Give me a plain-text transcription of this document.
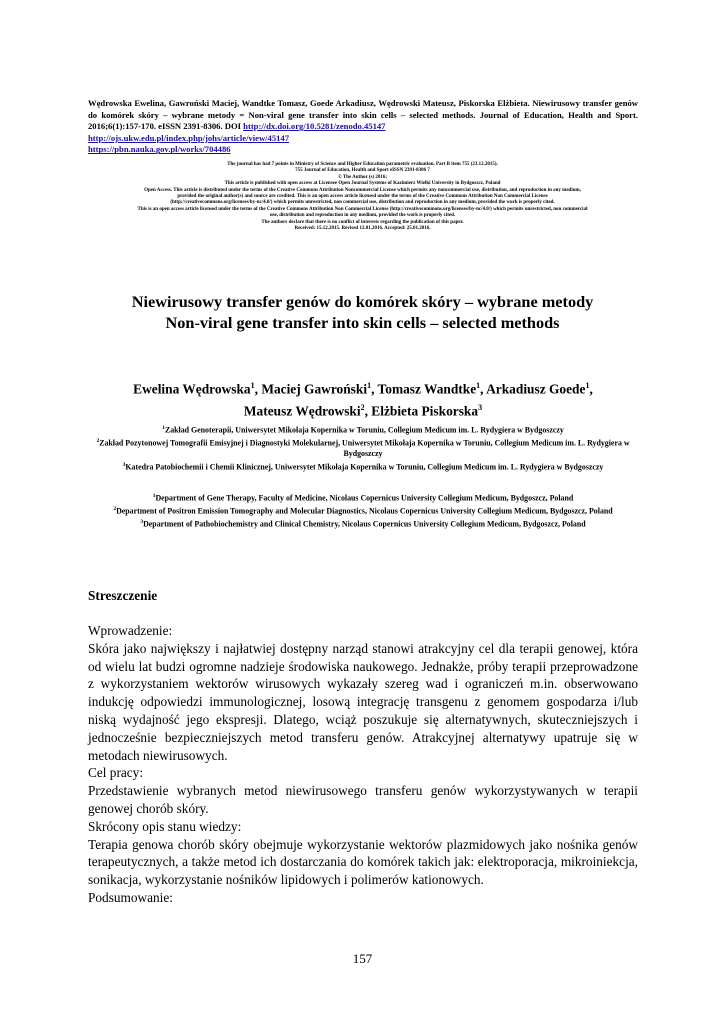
Wędrowska Ewelina, Gawroński Maciej, Wandtke Tomasz, Goede Arkadiusz, Wędrowski Mateusz, Piskorska Elżbieta. Niewirusowy transfer genów do komórek skóry – wybrane metody = Non-viral gene transfer into skin cells – selected methods. Journal of Education, Health and Sport. 2016;6(1):157-170. eISSN 2391-8306. DOI http://dx.doi.org/10.5281/zenodo.45147
http://ojs.ukw.edu.pl/index.php/johs/article/view/45147
https://pbn.nauka.gov.pl/works/704486
The journal has had 7 points in Ministry of Science and Higher Education parametric evaluation. Part B item 755 (23.12.2015).
755 Journal of Education, Health and Sport eISSN 2391-8306 7
© The Author (s) 2016;
This article is published with open access at Licensee Open Journal Systems of Kazimierz Wielki University in Bydgoszcz, Poland
Open Access. This article is distributed under the terms of the Creative Commons Attribution Noncommercial License which permits any noncommercial use, distribution, and reproduction in any medium,
provided the original author(s) and source are credited. This is an open access article licensed under the terms of the Creative Commons Attribution Non Commercial License
(http://creativecommons.org/licenses/by-nc/4.0/) which permits unrestricted, non commercial use, distribution and reproduction in any medium, provided the work is properly cited.
This is an open access article licensed under the terms of the Creative Commons Attribution Non Commercial License (http://creativecommons.org/licenses/by-nc/4.0/) which permits unrestricted, non commercial
use, distribution and reproduction in any medium, provided the work is properly cited.
The authors declare that there is no conflict of interests regarding the publication of this paper.
Received: 15.12.2015. Revised 12.01.2016. Accepted: 25.01.2016.
Niewirusowy transfer genów do komórek skóry – wybrane metody
Non-viral gene transfer into skin cells – selected methods
Ewelina Wędrowska$^1$, Maciej Gawroński$^1$, Tomasz Wandtke$^1$, Arkadiusz Goede$^1$,
Mateusz Wędrowski$^2$, Elżbieta Piskorska$^3$
$^1$Zakład Genoterapii, Uniwersytet Mikołaja Kopernika w Toruniu, Collegium Medicum im. L. Rydygiera w Bydgoszczy
$^2$Zakład Pozytonowej Tomografii Emisyjnej i Diagnostyki Molekularnej, Uniwersytet Mikołaja Kopernika w Toruniu, Collegium Medicum im. L. Rydygiera w Bydgoszczy
$^3$Katedra Patobiochemii i Chemii Klinicznej, Uniwersytet Mikołaja Kopernika w Toruniu, Collegium Medicum im. L. Rydygiera w Bydgoszczy
$^1$Department of Gene Therapy, Faculty of Medicine, Nicolaus Copernicus University Collegium Medicum, Bydgoszcz, Poland
$^2$Department of Positron Emission Tomography and Molecular Diagnostics, Nicolaus Copernicus University Collegium Medicum, Bydgoszcz, Poland
$^3$Department of Pathobiochemistry and Clinical Chemistry, Nicolaus Copernicus University Collegium Medicum, Bydgoszcz, Poland
Streszczenie

Wprowadzenie:

Skóra jako największy i najłatwiej dostępny narząd stanowi atrakcyjny cel dla terapii genowej, która od wielu lat budzi ogromne nadzieje środowiska naukowego. Jednakże, próby terapii przeprowadzone z wykorzystaniem wektorów wirusowych wykazały szereg wad i ograniczeń m.in. obserwowano indukcję odpowiedzi immunologicznej, losową integrację transgenu z genomem gospodarza i/lub niską wydajność jego ekspresji. Dlatego, wciąż poszukuje się alternatywnych, skuteczniejszych i jednocześnie bezpieczniejszych metod transferu genów. Atrakcyjnej alternatywy upatruje się w metodach niewirusowych.

Cel pracy:

Przedstawienie wybranych metod niewirusowego transferu genów wykorzystywanych w terapii genowej chorób skóry.

Skrócony opis stanu wiedzy:

Terapia genowa chorób skóry obejmuje wykorzystanie wektorów plazmidowych jako nośnika genów terapeutycznych, a także metod ich dostarczania do komórek takich jak: elektroporacja, mikroiniekcja, sonikacja, wykorzystanie nośników lipidowych i polimerów kationowych.

Podsumowanie:

157
